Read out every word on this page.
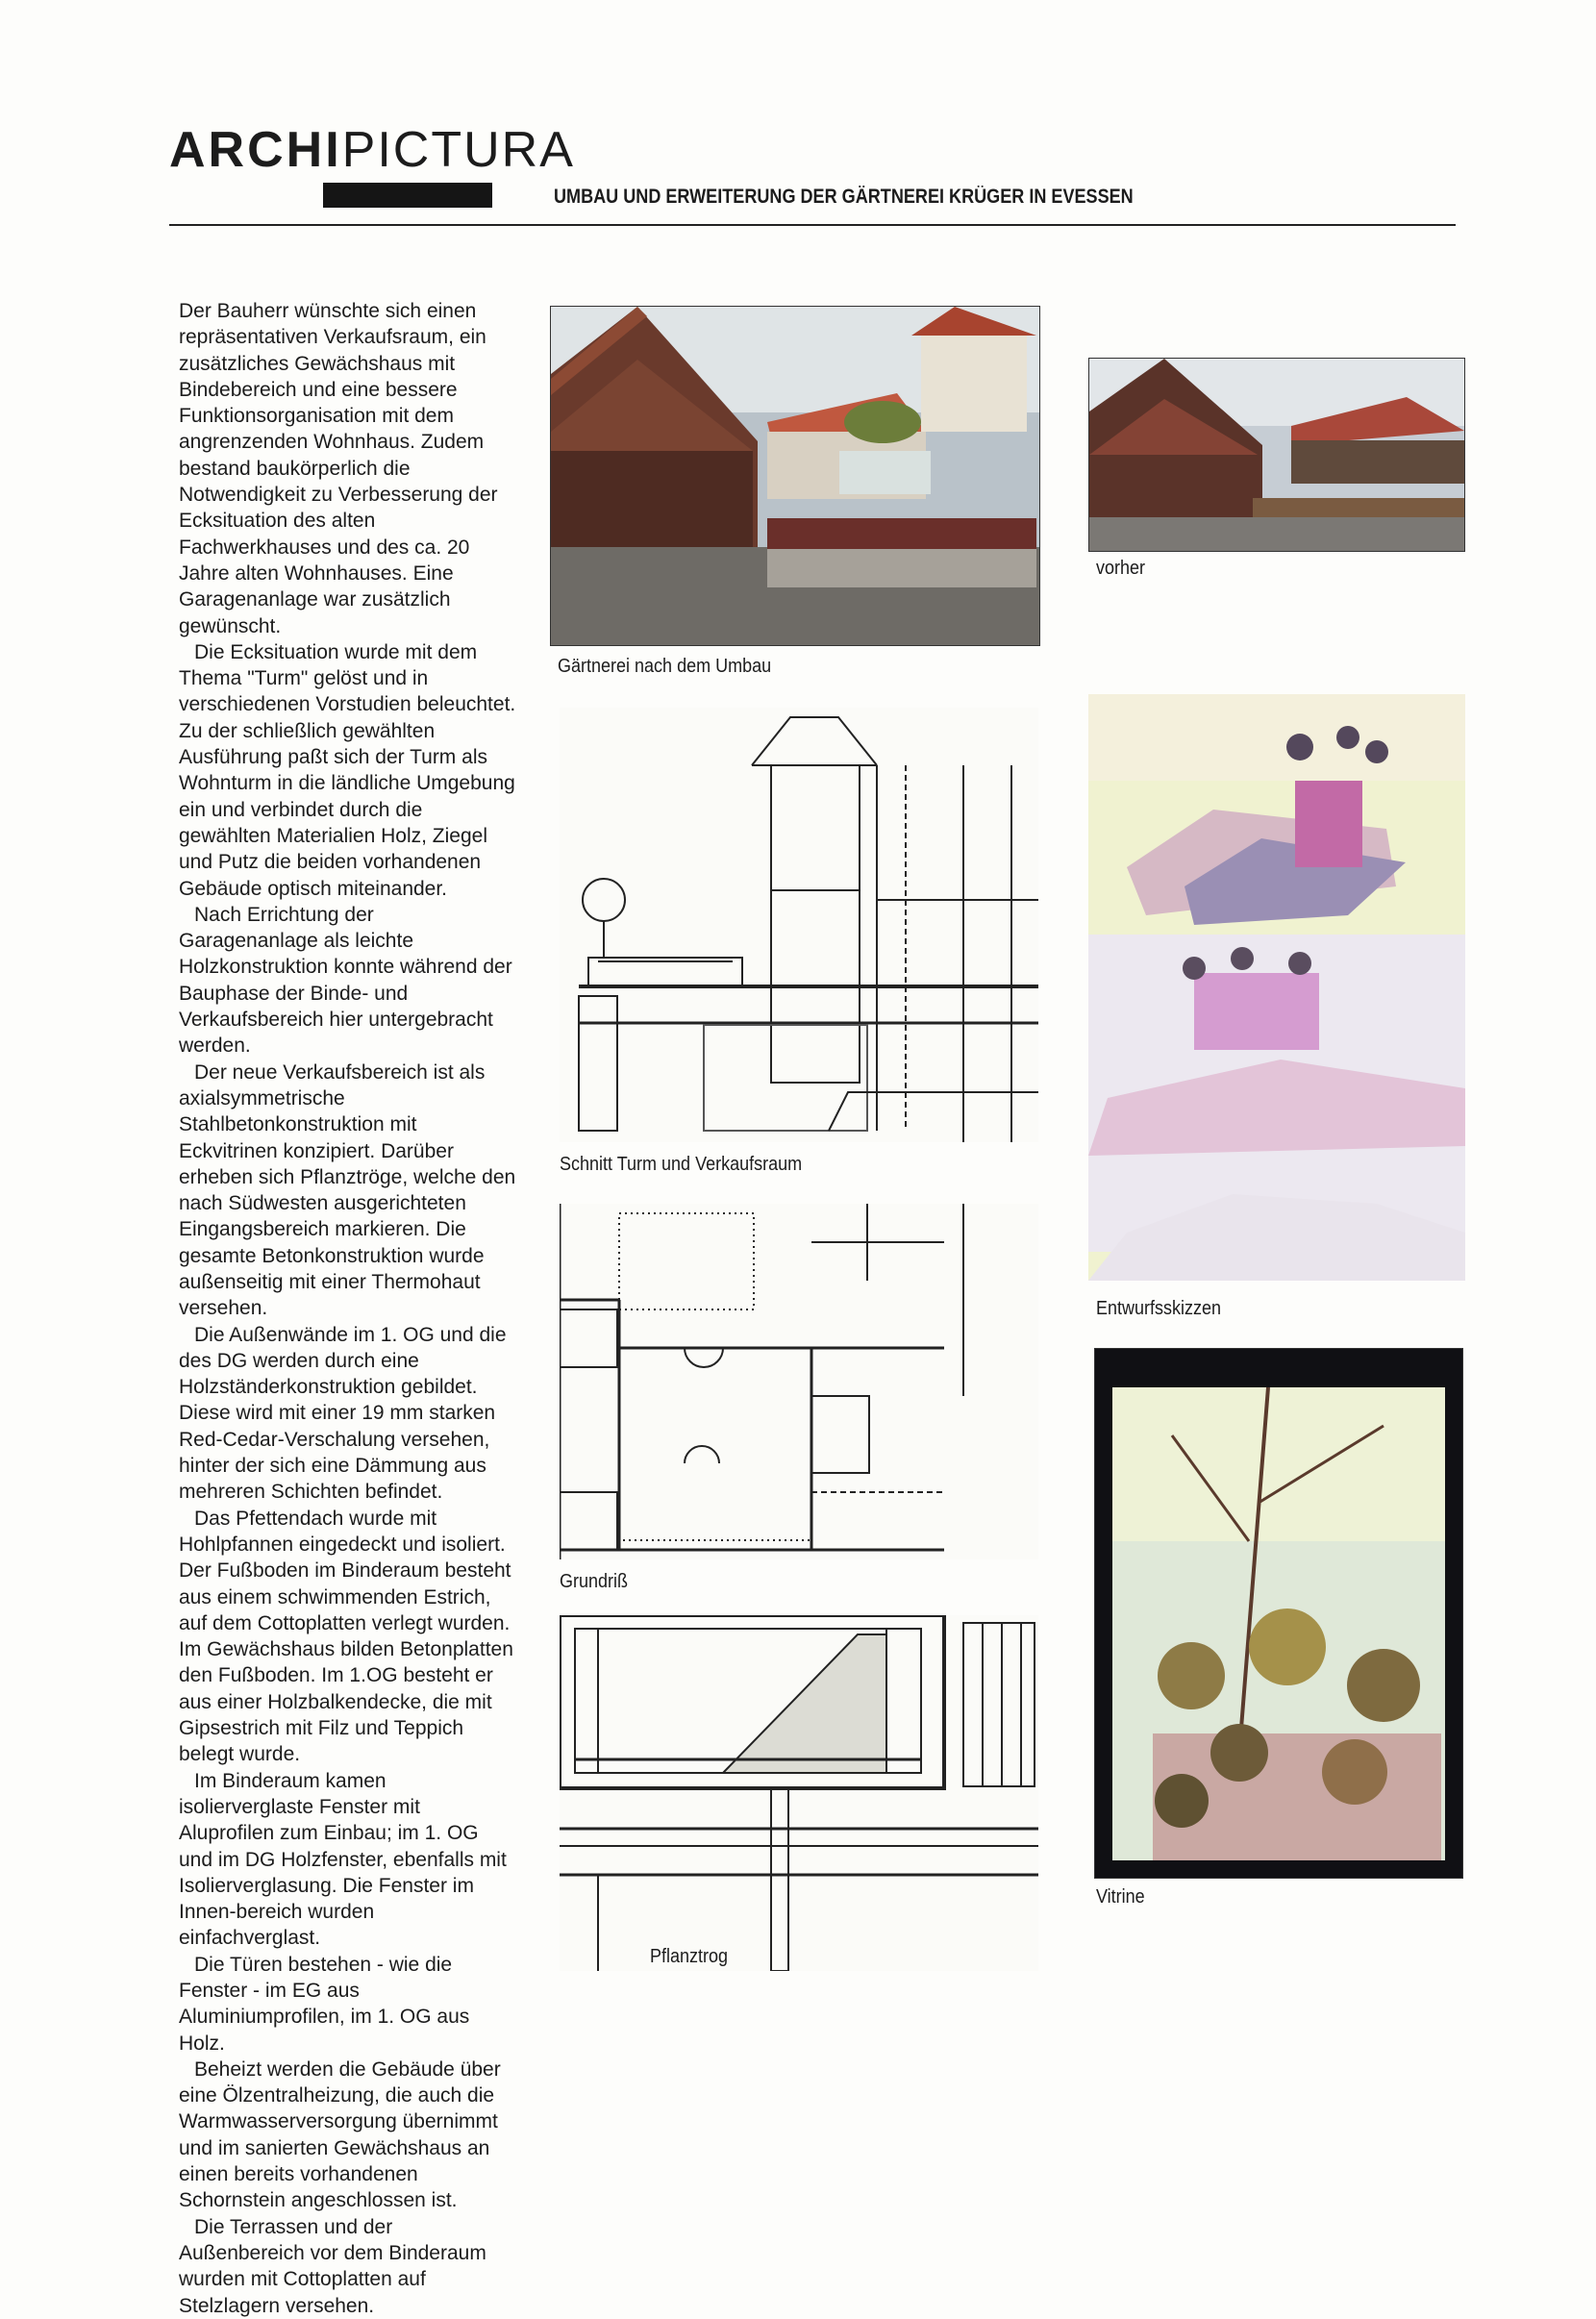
ARCHIPICTURA
UMBAU UND ERWEITERUNG DER GÄRTNEREI KRÜGER IN EVESSEN

Der Bauherr wünschte sich einen repräsentativen Verkaufsraum, ein zusätzliches Gewächshaus mit Bindebereich und eine bessere Funktionsorganisation mit dem angrenzenden Wohnhaus. Zudem bestand baukörperlich die Notwendigkeit zu Verbesserung der Ecksituation des alten Fachwerkhauses und des ca. 20 Jahre alten Wohnhauses. Eine Garagenanlage war zusätzlich gewünscht.

Die Ecksituation wurde mit dem Thema "Turm" gelöst und in verschiedenen Vorstudien beleuchtet. Zu der schließlich gewählten Ausführung paßt sich der Turm als Wohnturm in die ländliche Umgebung ein und verbindet durch die gewählten Materialien Holz, Ziegel und Putz die beiden vorhandenen Gebäude optisch miteinander.

Nach Errichtung der Garagenanlage als leichte Holzkonstruktion konnte während der Bauphase der Binde- und Verkaufsbereich hier untergebracht werden.

Der neue Verkaufsbereich ist als axialsymmetrische Stahlbetonkonstruktion mit Eckvitrinen konzipiert. Darüber erheben sich Pflanztröge, welche den nach Südwesten ausgerichteten Eingangsbereich markieren. Die gesamte Betonkonstruktion wurde außenseitig mit einer Thermohaut versehen.

Die Außenwände im 1. OG und die des DG werden durch eine Holzständerkonstruktion gebildet. Diese wird mit einer 19 mm starken Red-Cedar-Verschalung versehen, hinter der sich eine Dämmung aus mehreren Schichten befindet.

Das Pfettendach wurde mit Hohlpfannen eingedeckt und isoliert.

Der Fußboden im Binderaum besteht aus einem schwimmenden Estrich, auf dem Cottoplatten verlegt wurden.

Im Gewächshaus bilden Betonplatten den Fußboden. Im 1.OG besteht er aus einer Holzbalkendecke, die mit Gipsestrich mit Filz und Teppich belegt wurde.

Im Binderaum kamen isolierverglaste Fenster mit Aluprofilen zum Einbau; im 1. OG und im DG Holzfenster, ebenfalls mit Isolierverglasung. Die Fenster im Innen-bereich wurden einfachverglast.

Die Türen bestehen - wie die Fenster - im EG aus Aluminiumprofilen, im 1. OG aus Holz.

Beheizt werden die Gebäude über eine Ölzentralheizung, die auch die Warmwasserversorgung übernimmt und im sanierten Gewächshaus an einen bereits vorhandenen Schornstein angeschlossen ist.

Die Terrassen und der Außenbereich vor dem Binderaum wurden mit Cottoplatten auf Stelzlagern versehen.

Gärtnerei nach dem Umbau
vorher
Schnitt Turm und Verkaufsraum
Entwurfsskizzen
Grundriß
Vitrine
Pflanztrog
